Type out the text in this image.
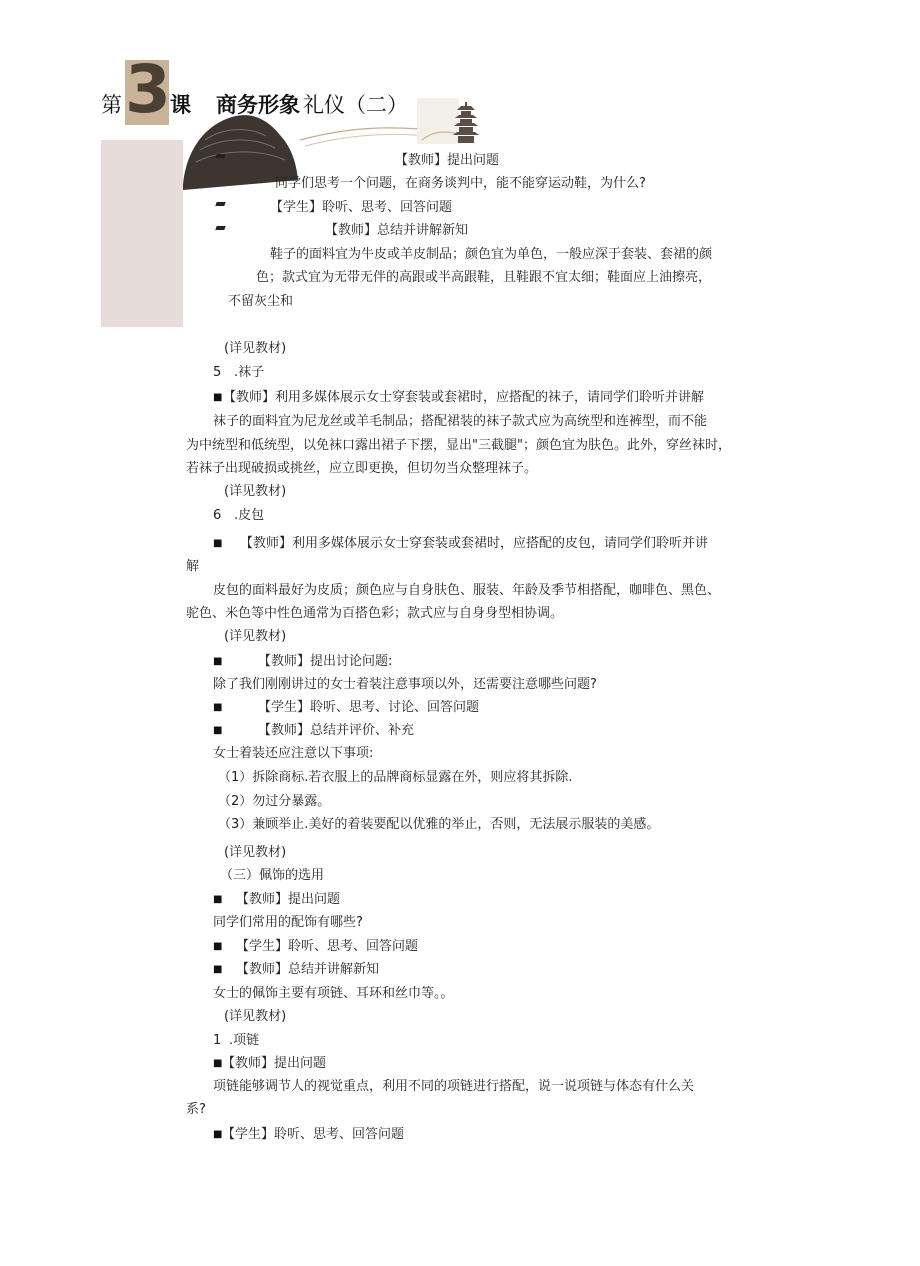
3
第 课 商务形象 礼仪（二）
【教师】提出问题
同学们思考一个问题，在商务谈判中，能不能穿运动鞋，为什么?
【学生】聆听、思考、回答问题
【教师】总结并讲解新知
鞋子的面料宜为牛皮或羊皮制品；颜色宜为单色，一般应深于套装、套裙的颜
色；款式宜为无带无伴的高跟或半高跟鞋，且鞋跟不宜太细；鞋面应上油擦亮，
不留灰尘和
(详见教材)
5 .袜子
■ 【教师】利用多媒体展示女士穿套装或套裙时，应搭配的袜子，请同学们聆听并讲解
袜子的面料宜为尼龙丝或羊毛制品；搭配裙装的袜子款式应为高统型和连裤型，而不能
为中统型和低统型，以免袜口露出裙子下摆，显出"三截腿"；颜色宜为肤色。此外，穿丝袜时，
若袜子出现破损或挑丝，应立即更换，但切勿当众整理袜子。
(详见教材)
6 .皮包
■ 【教师】利用多媒体展示女士穿套装或套裙时，应搭配的皮包，请同学们聆听并讲
解
皮包的面料最好为皮质；颜色应与自身肤色、服装、年龄及季节相搭配，咖啡色、黑色、
驼色、米色等中性色通常为百搭色彩；款式应与自身身型相协调。
(详见教材)
■	【教师】提出讨论问题:
除了我们刚刚讲过的女士着装注意事项以外，还需要注意哪些问题?
■	【学生】聆听、思考、讨论、回答问题
■	【教师】总结并评价、补充
女士着装还应注意以下事项:
（1）拆除商标.若衣服上的品牌商标显露在外，则应将其拆除.
（2）勿过分暴露。
（3）兼顾举止.美好的着装要配以优雅的举止，否则，无法展示服装的美感。
(详见教材)
（三）佩饰的选用
■ 【教师】提出问题
同学们常用的配饰有哪些?
■ 【学生】聆听、思考、回答问题
■ 【教师】总结并讲解新知
女士的佩饰主要有项链、耳环和丝巾等。。
(详见教材)
1 .项链
■ 【教师】提出问题
项链能够调节人的视觉重点，利用不同的项链进行搭配，说一说项链与体态有什么关
系?
■ 【学生】聆听、思考、回答问题
